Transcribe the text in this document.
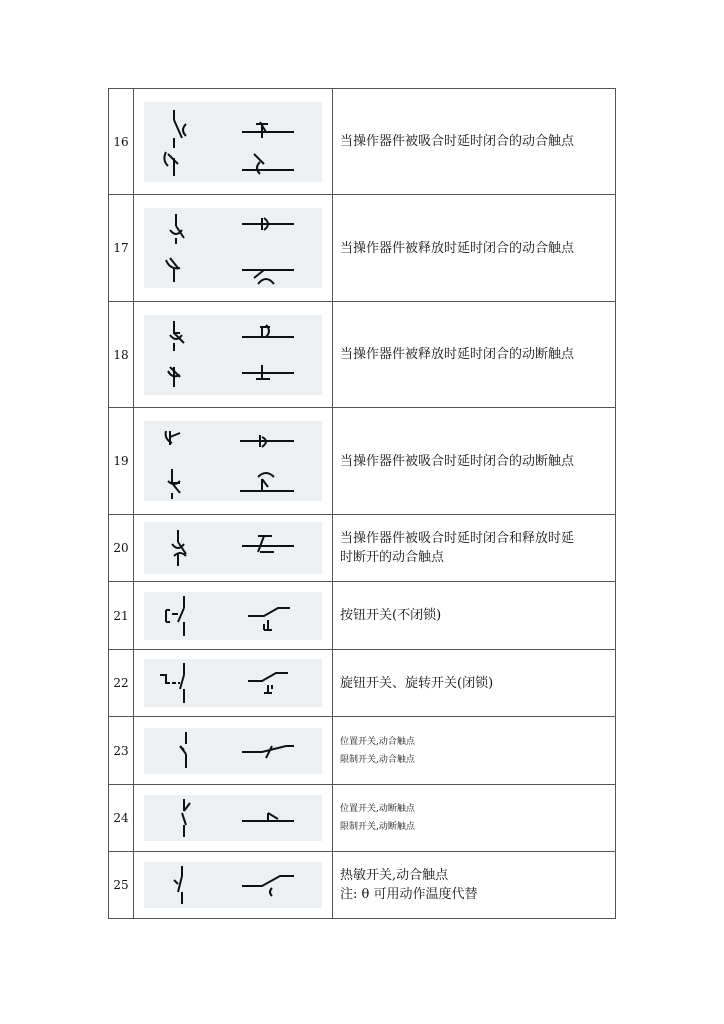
16		当操作器件被吸合时延时闭合的动合触点

17		当操作器件被释放时延时闭合的动合触点

18		当操作器件被释放时延时闭合的动断触点

19		当操作器件被吸合时延时闭合的动断触点

20		当操作器件被吸合时延时闭合和释放时延
时断开的动合触点

21		按钮开关(不闭锁)

22		旋钮开关、旋转开关(闭锁)

23		位置开关,动合触点
限制开关,动合触点

24		位置开关,动断触点
限制开关,动断触点

25		热敏开关,动合触点
注: θ 可用动作温度代替
